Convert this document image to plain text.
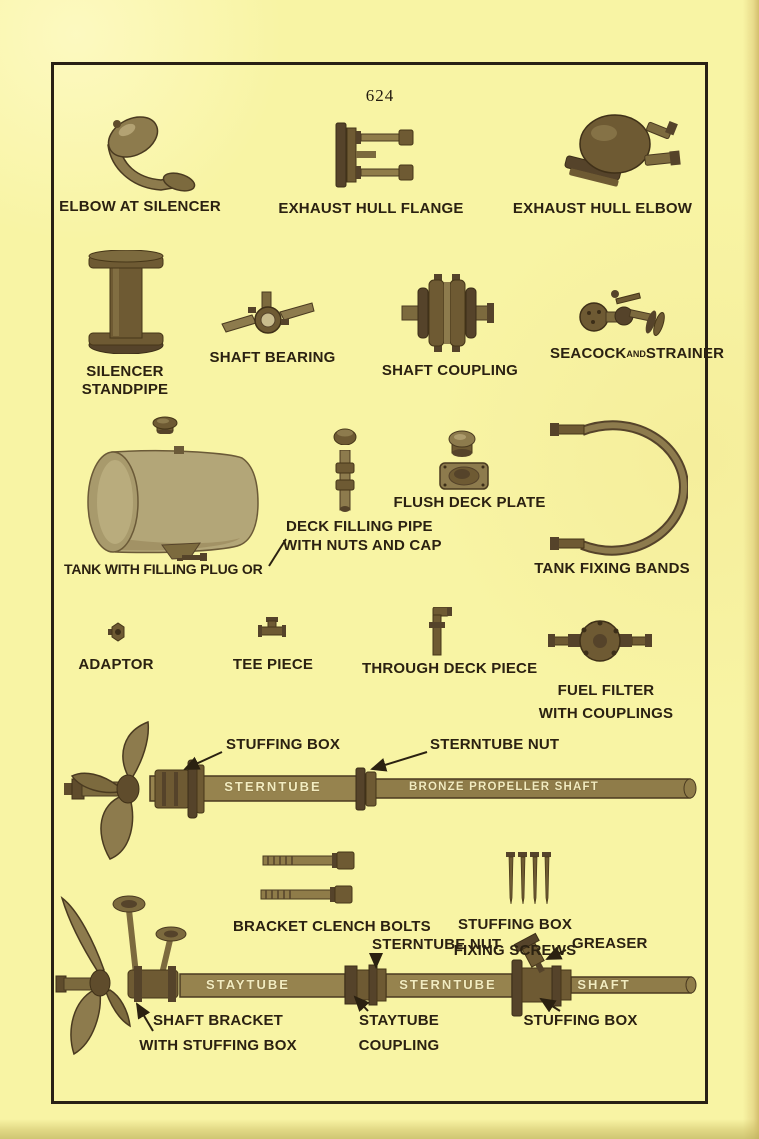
624
ELBOW AT SILENCER	EXHAUST HULL FLANGE	EXHAUST HULL ELBOW
SILENCER
STANDPIPE
SHAFT BEARING
SHAFT COUPLING
SEACOCKANDSTRAINER
DECK FILLING PIPE
WITH NUTS AND CAP
FLUSH DECK PLATE
TANK WITH FILLING PLUG OR	TANK FIXING BANDS
ADAPTOR	TEE PIECE	THROUGH DECK PIECE
FUEL FILTER
WITH COUPLINGS
STUFFING BOX	STERNTUBE NUT
STERNTUBE	BRONZE PROPELLER SHAFT
BRACKET CLENCH BOLTS	STUFFING BOX
FIXING SCREWS
STERNTUBE NUT	GREASER
STAYTUBE	STERNTUBE	SHAFT
SHAFT BRACKET
WITH STUFFING BOX
STAYTUBE
COUPLING
STUFFING BOX
